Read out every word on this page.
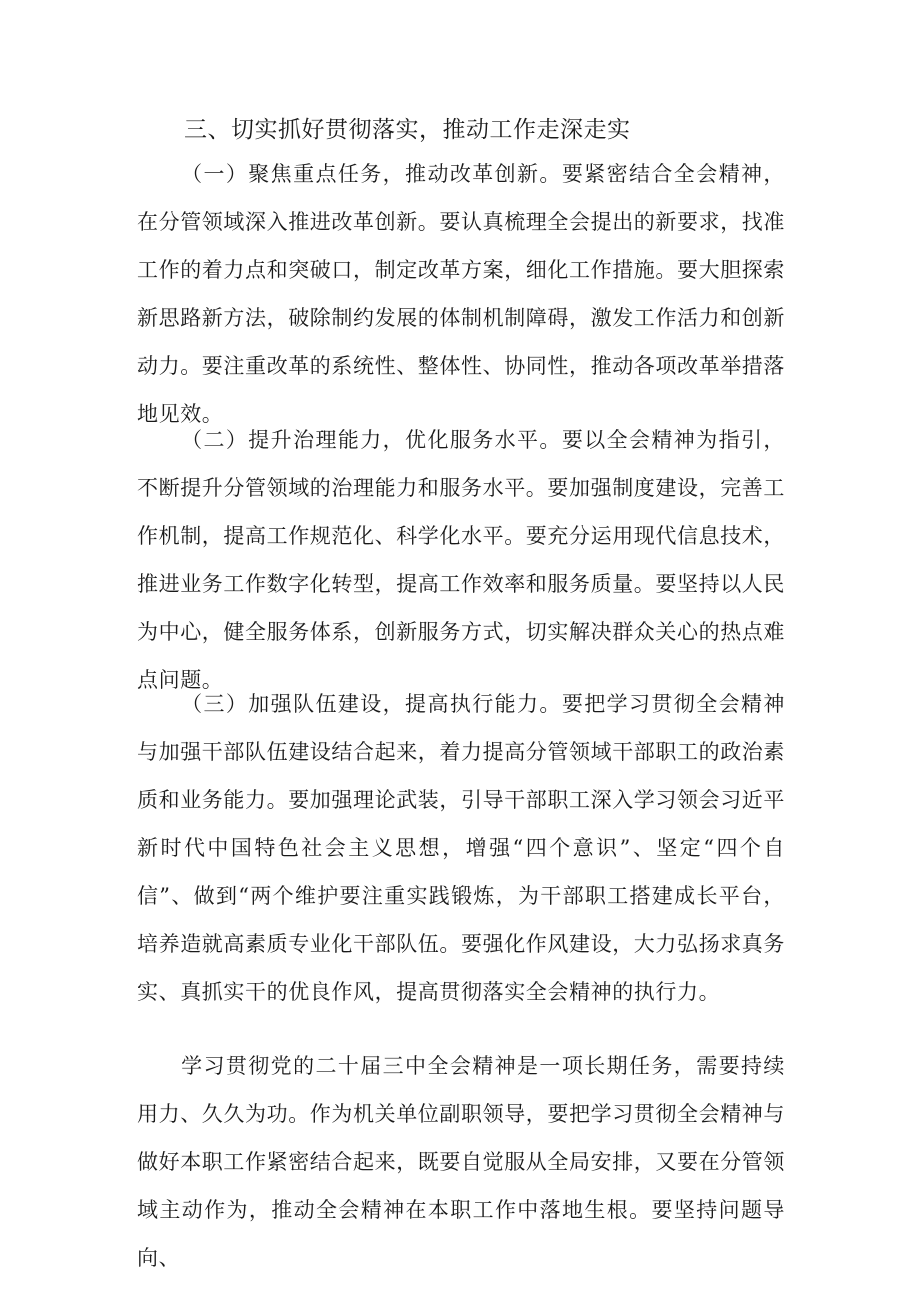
三、切实抓好贯彻落实，推动工作走深走实

（一）聚焦重点任务，推动改革创新。要紧密结合全会精神，在分管领域深入推进改革创新。要认真梳理全会提出的新要求，找准工作的着力点和突破口，制定改革方案，细化工作措施。要大胆探索新思路新方法，破除制约发展的体制机制障碍，激发工作活力和创新动力。要注重改革的系统性、整体性、协同性，推动各项改革举措落地见效。

（二）提升治理能力，优化服务水平。要以全会精神为指引，不断提升分管领域的治理能力和服务水平。要加强制度建设，完善工作机制，提高工作规范化、科学化水平。要充分运用现代信息技术，推进业务工作数字化转型，提高工作效率和服务质量。要坚持以人民为中心，健全服务体系，创新服务方式，切实解决群众关心的热点难点问题。

（三）加强队伍建设，提高执行能力。要把学习贯彻全会精神与加强干部队伍建设结合起来，着力提高分管领域干部职工的政治素质和业务能力。要加强理论武装，引导干部职工深入学习领会习近平新时代中国特色社会主义思想，增强“四个意识”、坚定“四个自信”、做到“两个维护要注重实践锻炼，为干部职工搭建成长平台，培养造就高素质专业化干部队伍。要强化作风建设，大力弘扬求真务实、真抓实干的优良作风，提高贯彻落实全会精神的执行力。

学习贯彻党的二十届三中全会精神是一项长期任务，需要持续用力、久久为功。作为机关单位副职领导，要把学习贯彻全会精神与做好本职工作紧密结合起来，既要自觉服从全局安排，又要在分管领域主动作为，推动全会精神在本职工作中落地生根。要坚持问题导向、
